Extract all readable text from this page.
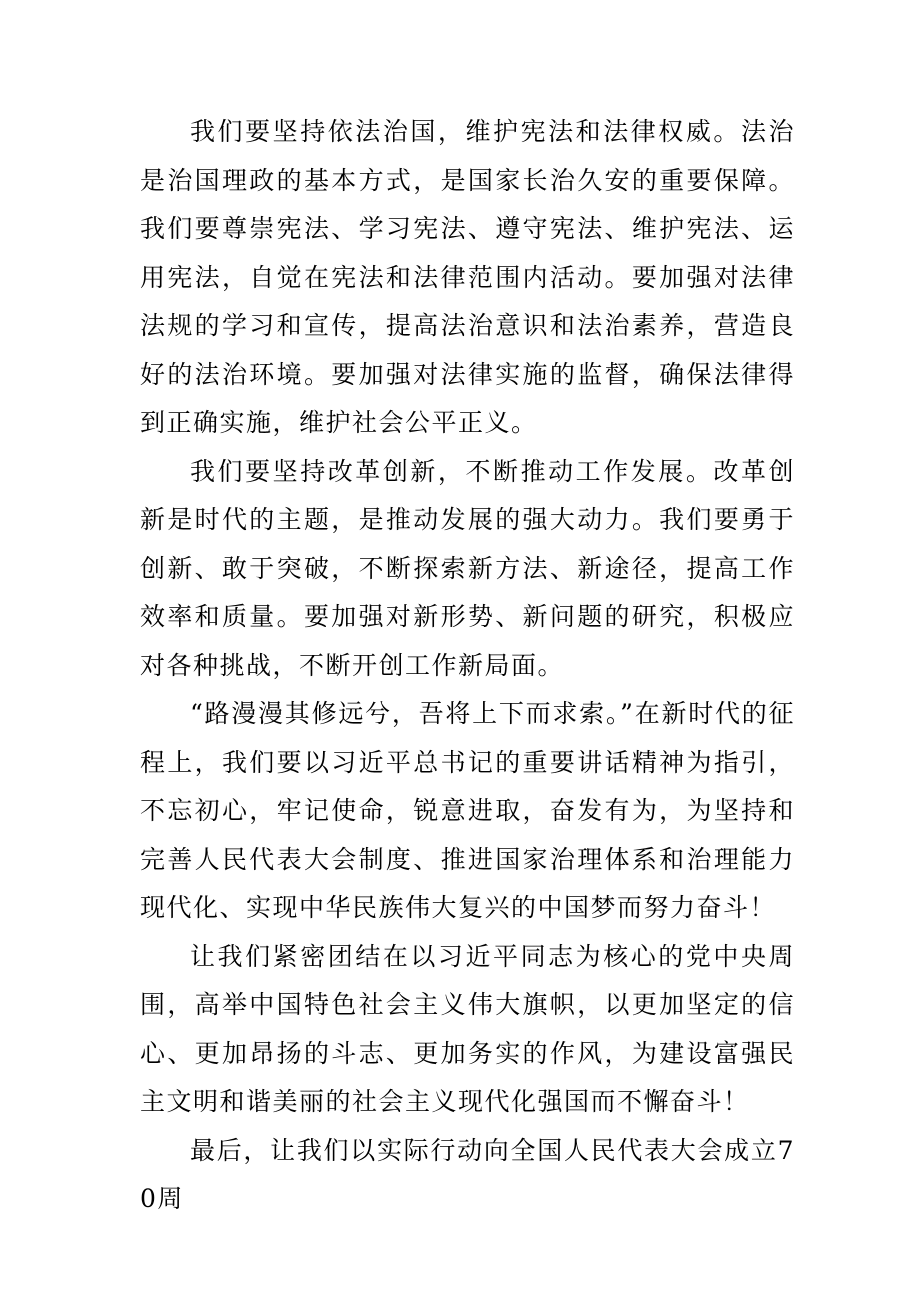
我们要坚持依法治国，维护宪法和法律权威。法治是治国理政的基本方式，是国家长治久安的重要保障。我们要尊崇宪法、学习宪法、遵守宪法、维护宪法、运用宪法，自觉在宪法和法律范围内活动。要加强对法律法规的学习和宣传，提高法治意识和法治素养，营造良好的法治环境。要加强对法律实施的监督，确保法律得到正确实施，维护社会公平正义。

我们要坚持改革创新，不断推动工作发展。改革创新是时代的主题，是推动发展的强大动力。我们要勇于创新、敢于突破，不断探索新方法、新途径，提高工作效率和质量。要加强对新形势、新问题的研究，积极应对各种挑战，不断开创工作新局面。

“路漫漫其修远兮，吾将上下而求索。”在新时代的征程上，我们要以习近平总书记的重要讲话精神为指引，不忘初心，牢记使命，锐意进取，奋发有为，为坚持和完善人民代表大会制度、推进国家治理体系和治理能力现代化、实现中华民族伟大复兴的中国梦而努力奋斗！

让我们紧密团结在以习近平同志为核心的党中央周围，高举中国特色社会主义伟大旗帜，以更加坚定的信心、更加昂扬的斗志、更加务实的作风，为建设富强民主文明和谐美丽的社会主义现代化强国而不懈奋斗！

最后，让我们以实际行动向全国人民代表大会成立70周
